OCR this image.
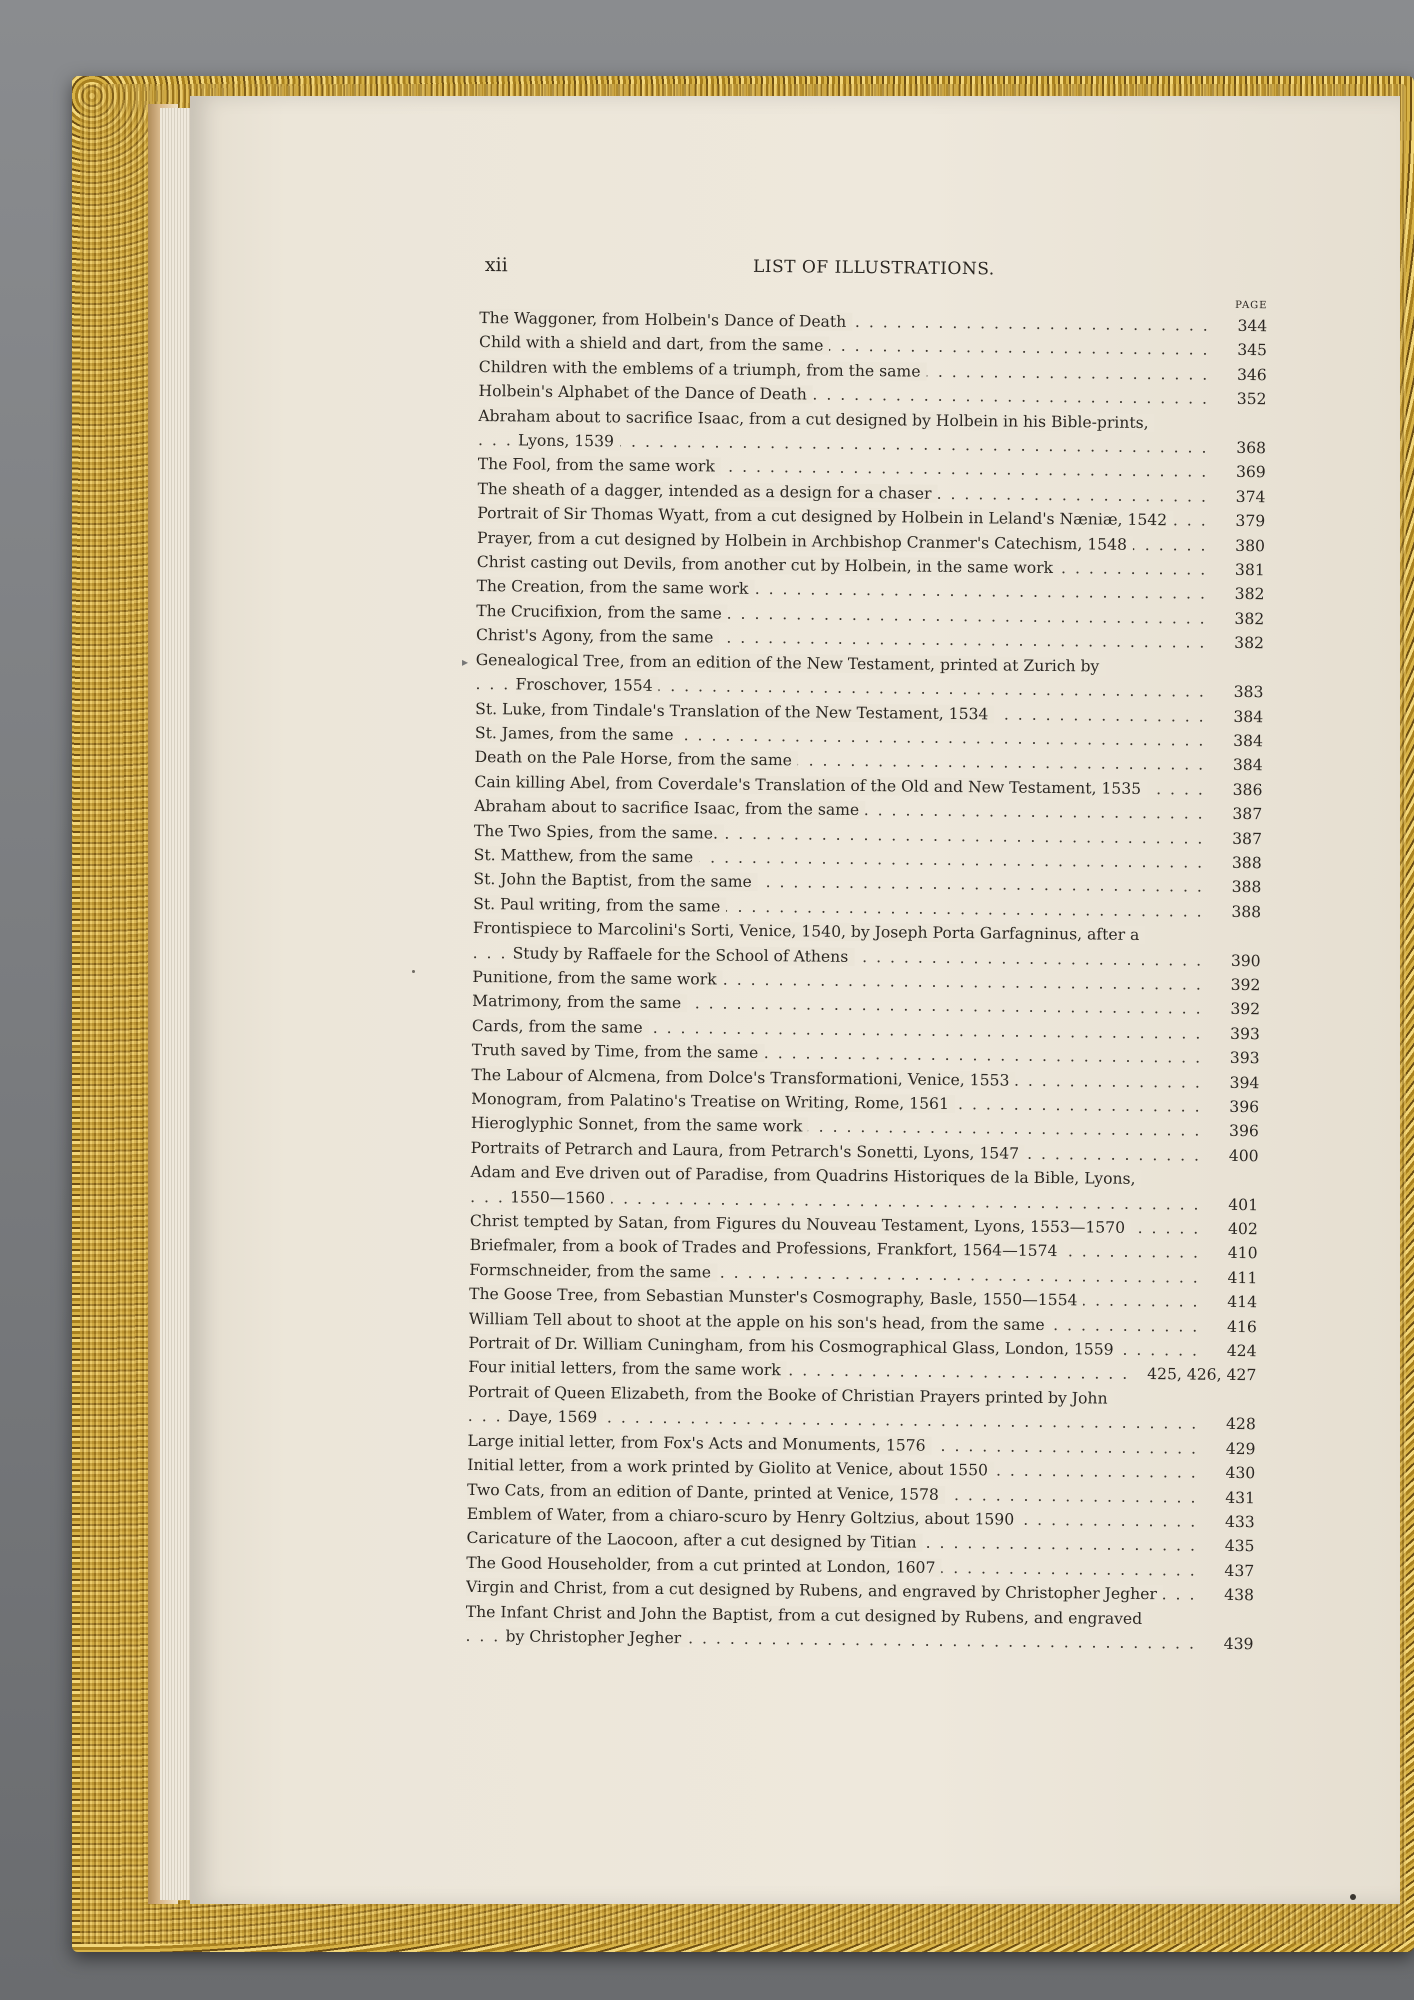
▸
xii	LIST OF ILLUSTRATIONS.
PAGE
The Waggoner, from Holbein's Dance of Death . . .	344
Child with a shield and dart, from the same . . .	345
Children with the emblems of a triumph, from the same . . .	346
Holbein's Alphabet of the Dance of Death . . .	352
Abraham about to sacrifice Isaac, from a cut designed by Holbein in his Bible-prints,
Lyons, 1539 . . .	368
The Fool, from the same work . . .	369
The sheath of a dagger, intended as a design for a chaser . . .	374
Portrait of Sir Thomas Wyatt, from a cut designed by Holbein in Leland's Næniæ, 1542 . . .	379
Prayer, from a cut designed by Holbein in Archbishop Cranmer's Catechism, 1548 . . .	380
Christ casting out Devils, from another cut by Holbein, in the same work . . .	381
The Creation, from the same work . . .	382
The Crucifixion, from the same . . .	382
Christ's Agony, from the same . . .	382
Genealogical Tree, from an edition of the New Testament, printed at Zurich by
Froschover, 1554 . . .	383
St. Luke, from Tindale's Translation of the New Testament, 1534 . . .	384
St. James, from the same . . .	384
Death on the Pale Horse, from the same . . .	384
Cain killing Abel, from Coverdale's Translation of the Old and New Testament, 1535 . . .	386
Abraham about to sacrifice Isaac, from the same . . .	387
The Two Spies, from the same. . . .	387
St. Matthew, from the same . . .	388
St. John the Baptist, from the same . . .	388
St. Paul writing, from the same . . .	388
Frontispiece to Marcolini's Sorti, Venice, 1540, by Joseph Porta Garfagninus, after a
Study by Raffaele for the School of Athens . . .	390
Punitione, from the same work . . .	392
Matrimony, from the same . . .	392
Cards, from the same . . .	393
Truth saved by Time, from the same . . .	393
The Labour of Alcmena, from Dolce's Transformationi, Venice, 1553 . . .	394
Monogram, from Palatino's Treatise on Writing, Rome, 1561 . . .	396
Hieroglyphic Sonnet, from the same work . . .	396
Portraits of Petrarch and Laura, from Petrarch's Sonetti, Lyons, 1547 . . .	400
Adam and Eve driven out of Paradise, from Quadrins Historiques de la Bible, Lyons,
1550—1560 . . .	401
Christ tempted by Satan, from Figures du Nouveau Testament, Lyons, 1553—1570 . . .	402
Briefmaler, from a book of Trades and Professions, Frankfort, 1564—1574 . . .	410
Formschneider, from the same . . .	411
The Goose Tree, from Sebastian Munster's Cosmography, Basle, 1550—1554 . . .	414
William Tell about to shoot at the apple on his son's head, from the same . . .	416
Portrait of Dr. William Cuningham, from his Cosmographical Glass, London, 1559 . . .	424
Four initial letters, from the same work . . .	425, 426, 427
Portrait of Queen Elizabeth, from the Booke of Christian Prayers printed by John
Daye, 1569 . . .	428
Large initial letter, from Fox's Acts and Monuments, 1576 . . .	429
Initial letter, from a work printed by Giolito at Venice, about 1550 . . .	430
Two Cats, from an edition of Dante, printed at Venice, 1578 . . .	431
Emblem of Water, from a chiaro-scuro by Henry Goltzius, about 1590 . . .	433
Caricature of the Laocoon, after a cut designed by Titian . . .	435
The Good Householder, from a cut printed at London, 1607 . . .	437
Virgin and Christ, from a cut designed by Rubens, and engraved by Christopher Jegher . . .	438
The Infant Christ and John the Baptist, from a cut designed by Rubens, and engraved
by Christopher Jegher . . .	439
